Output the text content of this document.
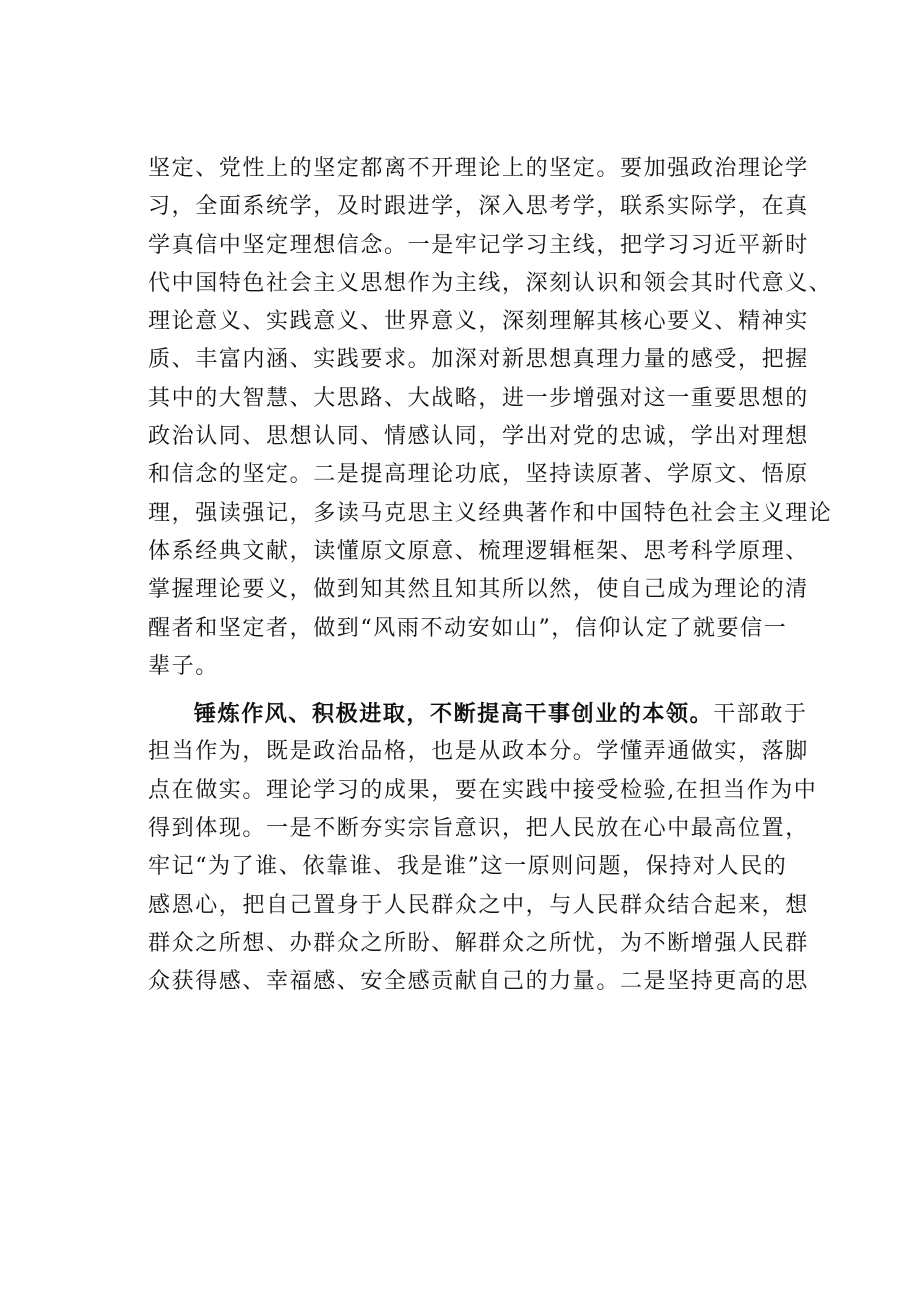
坚定、党性上的坚定都离不开理论上的坚定。要加强政治理论学
习，全面系统学，及时跟进学，深入思考学，联系实际学，在真
学真信中坚定理想信念。一是牢记学习主线，把学习习近平新时
代中国特色社会主义思想作为主线，深刻认识和领会其时代意义、
理论意义、实践意义、世界意义，深刻理解其核心要义、精神实
质、丰富内涵、实践要求。加深对新思想真理力量的感受，把握
其中的大智慧、大思路、大战略，进一步增强对这一重要思想的
政治认同、思想认同、情感认同，学出对党的忠诚，学出对理想
和信念的坚定。二是提高理论功底，坚持读原著、学原文、悟原
理，强读强记，多读马克思主义经典著作和中国特色社会主义理论
体系经典文献，读懂原文原意、梳理逻辑框架、思考科学原理、
掌握理论要义，做到知其然且知其所以然，使自己成为理论的清
醒者和坚定者，做到“风雨不动安如山”，信仰认定了就要信一
辈子。
锤炼作风、积极进取，不断提高干事创业的本领。干部敢于
担当作为，既是政治品格，也是从政本分。学懂弄通做实，落脚
点在做实。理论学习的成果，要在实践中接受检验,在担当作为中
得到体现。一是不断夯实宗旨意识，把人民放在心中最高位置，
牢记“为了谁、依靠谁、我是谁”这一原则问题，保持对人民的
感恩心，把自己置身于人民群众之中，与人民群众结合起来，想
群众之所想、办群众之所盼、解群众之所忧，为不断增强人民群
众获得感、幸福感、安全感贡献自己的力量。二是坚持更高的思
